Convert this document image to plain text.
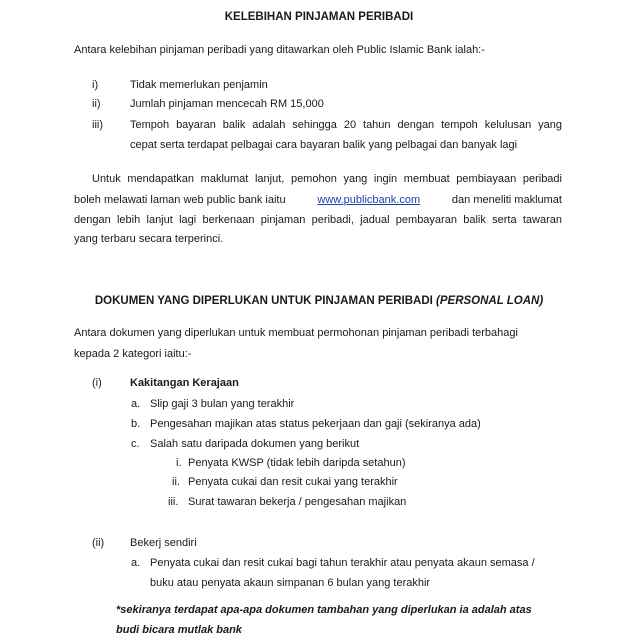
KELEBIHAN PINJAMAN PERIBADI
Antara kelebihan pinjaman peribadi yang ditawarkan oleh Public Islamic Bank ialah:-
i)	Tidak memerlukan penjamin
ii)	Jumlah pinjaman mencecah RM 15,000
iii) Tempoh bayaran balik adalah sehingga 20 tahun dengan tempoh kelulusan yang
cepat serta terdapat pelbagai cara bayaran balik yang pelbagai dan banyak lagi
Untuk mendapatkan maklumat lanjut, pemohon yang ingin membuat pembiayaan peribadi
boleh melawati laman web public bank iaitu	www.publicbank.com	dan meneliti maklumat
dengan lebih lanjut lagi berkenaan pinjaman peribadi, jadual pembayaran balik serta tawaran
yang terbaru secara terperinci.
DOKUMEN YANG DIPERLUKAN UNTUK PINJAMAN PERIBADI (PERSONAL LOAN)
Antara dokumen yang diperlukan untuk membuat permohonan pinjaman peribadi terbahagi
kepada 2 kategori iaitu:-
(i)	Kakitangan Kerajaan
a. Slip gaji 3 bulan yang terakhir
b. Pengesahan majikan atas status pekerjaan dan gaji (sekiranya ada)
c. Salah satu daripada dokumen yang berikut
i. Penyata KWSP (tidak lebih daripda setahun)
ii. Penyata cukai dan resit cukai yang terakhir
iii. Surat tawaran bekerja / pengesahan majikan
(ii) Bekerj sendiri
a. Penyata cukai dan resit cukai bagi tahun terakhir atau penyata akaun semasa /
buku atau penyata akaun simpanan 6 bulan yang terakhir
*sekiranya terdapat apa-apa dokumen tambahan yang diperlukan ia adalah atas
budi bicara mutlak bank
